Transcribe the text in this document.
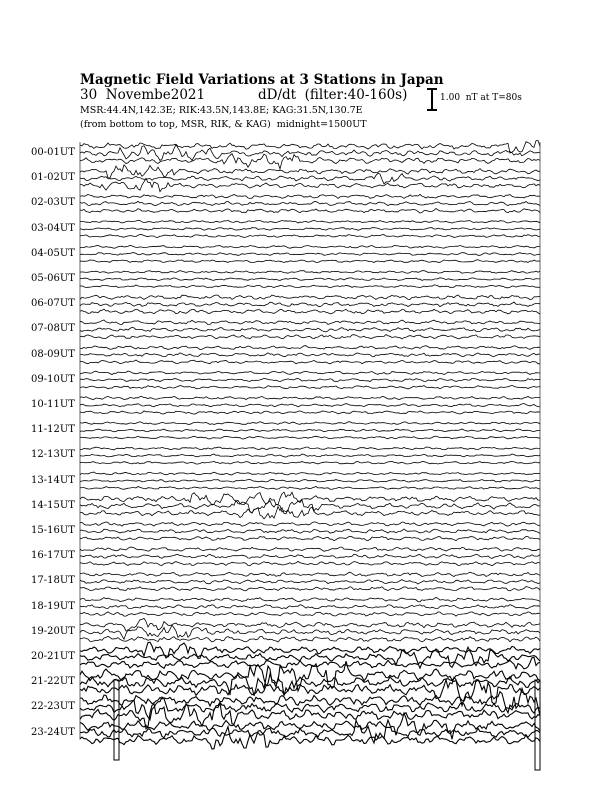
Magnetic Field Variations at 3 Stations in Japan
30  Novembe2021	dD/dt  (filter:40-160s)
MSR:44.4N,142.3E; RIK:43.5N,143.8E; KAG:31.5N,130.7E
(from bottom to top, MSR, RIK, & KAG)  midnight=1500UT
1.00  nT at T=80s
00-01UT
01-02UT
02-03UT
03-04UT
04-05UT
05-06UT
06-07UT
07-08UT
08-09UT
09-10UT
10-11UT
11-12UT
12-13UT
13-14UT
14-15UT
15-16UT
16-17UT
17-18UT
18-19UT
19-20UT
20-21UT
21-22UT
22-23UT
23-24UT
